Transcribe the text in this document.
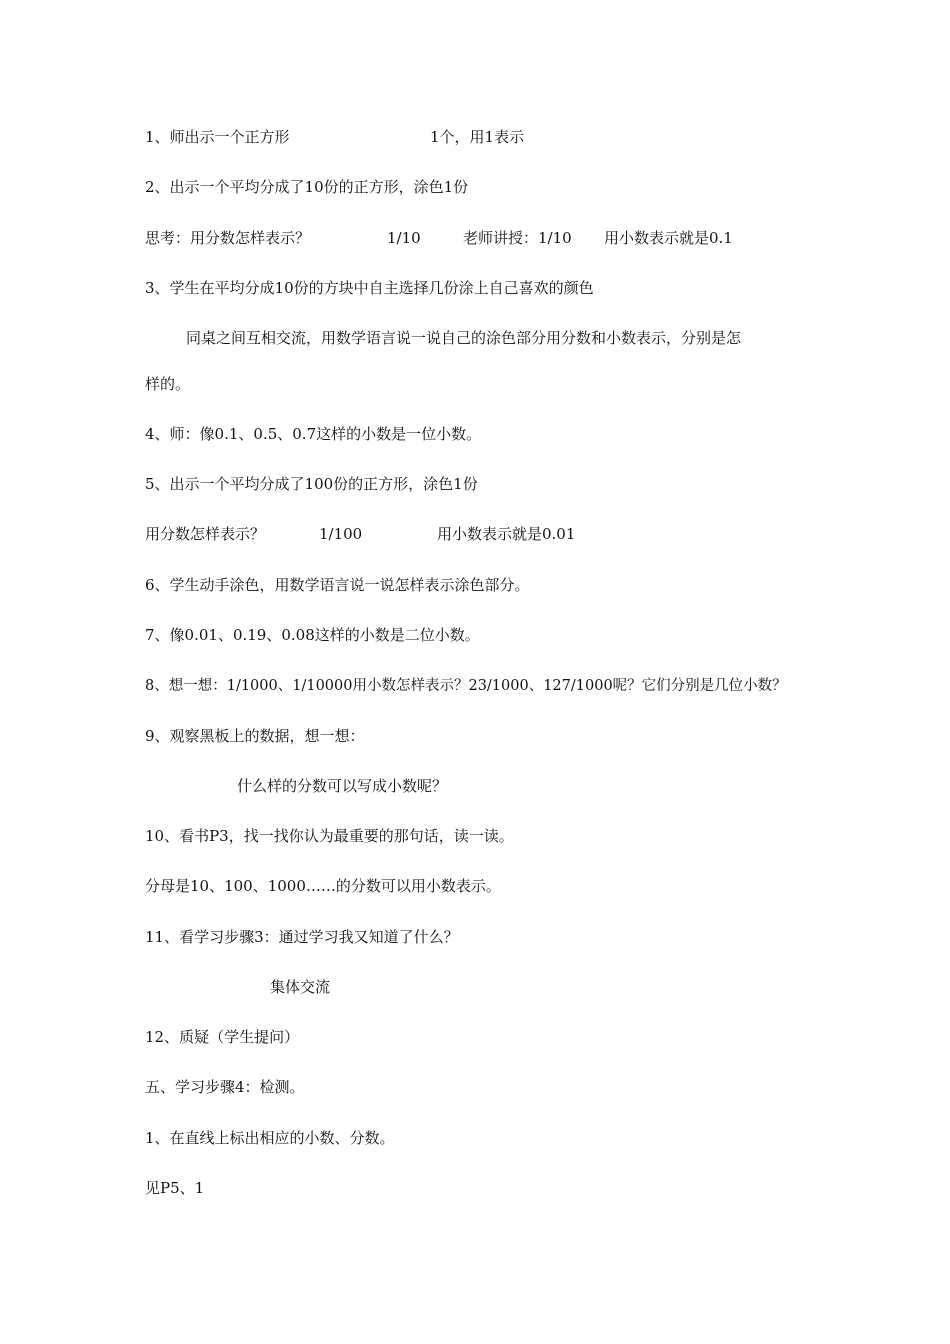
1、师出示一个正方形	1个，用1表示
2、出示一个平均分成了10份的正方形，涂色1份
思考：用分数怎样表示？	1/10	老师讲授：1/10 用小数表示就是0.1
3、学生在平均分成10份的方块中自主选择几份涂上自己喜欢的颜色
同桌之间互相交流，用数学语言说一说自己的涂色部分用分数和小数表示，分别是怎
样的。
4、师：像0.1、0.5、0.7这样的小数是一位小数。
5、出示一个平均分成了100份的正方形，涂色1份
用分数怎样表示？	1/100	用小数表示就是0.01
6、学生动手涂色，用数学语言说一说怎样表示涂色部分。
7、像0.01、0.19、0.08这样的小数是二位小数。
8、想一想：1/1000、1/10000用小数怎样表示？23/1000、127/1000呢？它们分别是几位小数？
9、观察黑板上的数据，想一想：
什么样的分数可以写成小数呢？
10、看书P3，找一找你认为最重要的那句话，读一读。
分母是10、100、1000……的分数可以用小数表示。
11、看学习步骤3：通过学习我又知道了什么？
集体交流
12、质疑（学生提问）
五、学习步骤4：检测。
1、在直线上标出相应的小数、分数。
见P5、1
